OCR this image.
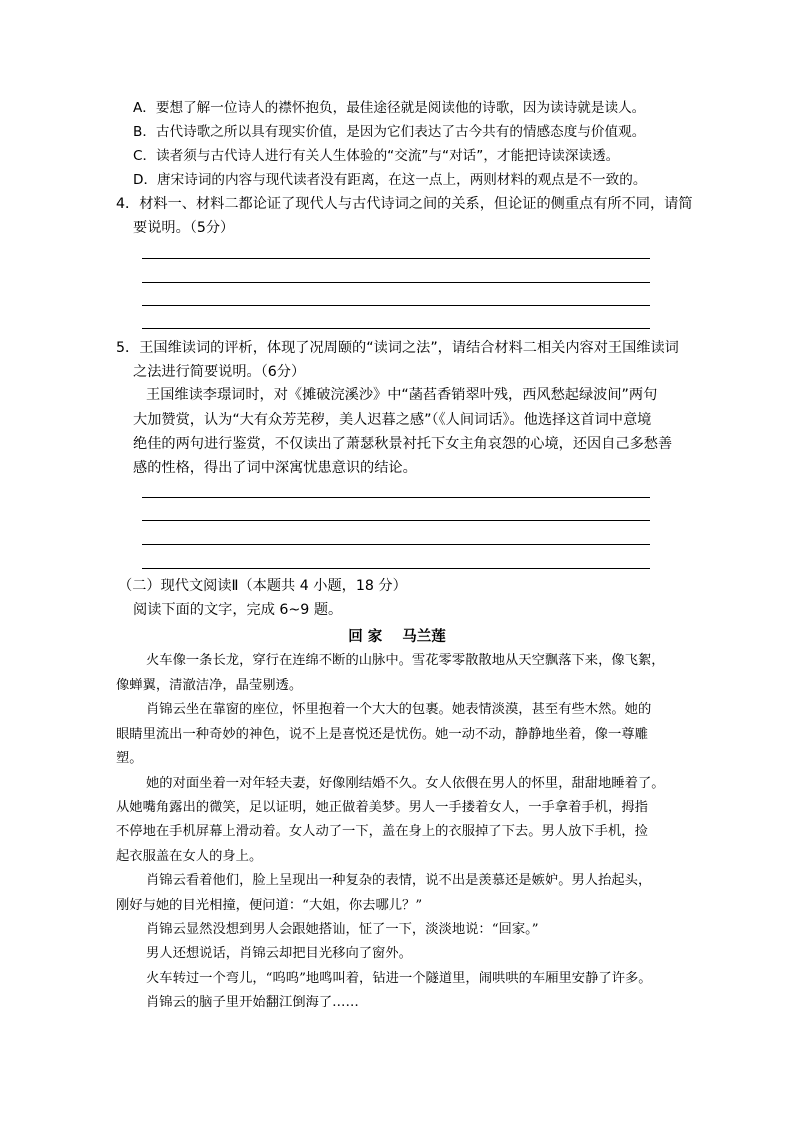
A．要想了解一位诗人的襟怀抱负，最佳途径就是阅读他的诗歌，因为读诗就是读人。
B．古代诗歌之所以具有现实价值，是因为它们表达了古今共有的情感态度与价值观。
C．读者须与古代诗人进行有关人生体验的“交流”与“对话”，才能把诗读深读透。
D．唐宋诗词的内容与现代读者没有距离，在这一点上，两则材料的观点是不一致的。
4．材料一、材料二都论证了现代人与古代诗词之间的关系，但论证的侧重点有所不同，请简
要说明。（5分）
5．王国维读词的评析，体现了况周颐的“读词之法”，请结合材料二相关内容对王国维读词
之法进行简要说明。（6分）
王国维读李璟词时，对《摊破浣溪沙》中“菡萏香销翠叶残，西风愁起绿波间”两句
大加赞赏，认为“大有众芳芜秽，美人迟暮之感”（《人间词话》。他选择这首词中意境
绝佳的两句进行鉴赏，不仅读出了萧瑟秋景衬托下女主角哀怨的心境，还因自己多愁善
感的性格，得出了词中深寓忧患意识的结论。
（二）现代文阅读Ⅱ（本题共 4 小题，18 分）
阅读下面的文字，完成 6~9 题。
回 家 马兰莲
火车像一条长龙，穿行在连绵不断的山脉中。雪花零零散散地从天空飘落下来，像飞絮，
像蝉翼，清澈洁净，晶莹剔透。
肖锦云坐在靠窗的座位，怀里抱着一个大大的包裹。她表情淡漠，甚至有些木然。她的
眼睛里流出一种奇妙的神色，说不上是喜悦还是忧伤。她一动不动，静静地坐着，像一尊雕
塑。
她的对面坐着一对年轻夫妻，好像刚结婚不久。女人依偎在男人的怀里，甜甜地睡着了。
从她嘴角露出的微笑，足以证明，她正做着美梦。男人一手搂着女人，一手拿着手机，拇指
不停地在手机屏幕上滑动着。女人动了一下，盖在身上的衣服掉了下去。男人放下手机，捡
起衣服盖在女人的身上。
肖锦云看着他们，脸上呈现出一种复杂的表情，说不出是羡慕还是嫉妒。男人抬起头，
刚好与她的目光相撞，便问道：“大姐，你去哪儿？”
肖锦云显然没想到男人会跟她搭讪，怔了一下，淡淡地说：“回家。”
男人还想说话，肖锦云却把目光移向了窗外。
火车转过一个弯儿，“呜呜”地鸣叫着，钻进一个隧道里，闹哄哄的车厢里安静了许多。
肖锦云的脑子里开始翻江倒海了……
